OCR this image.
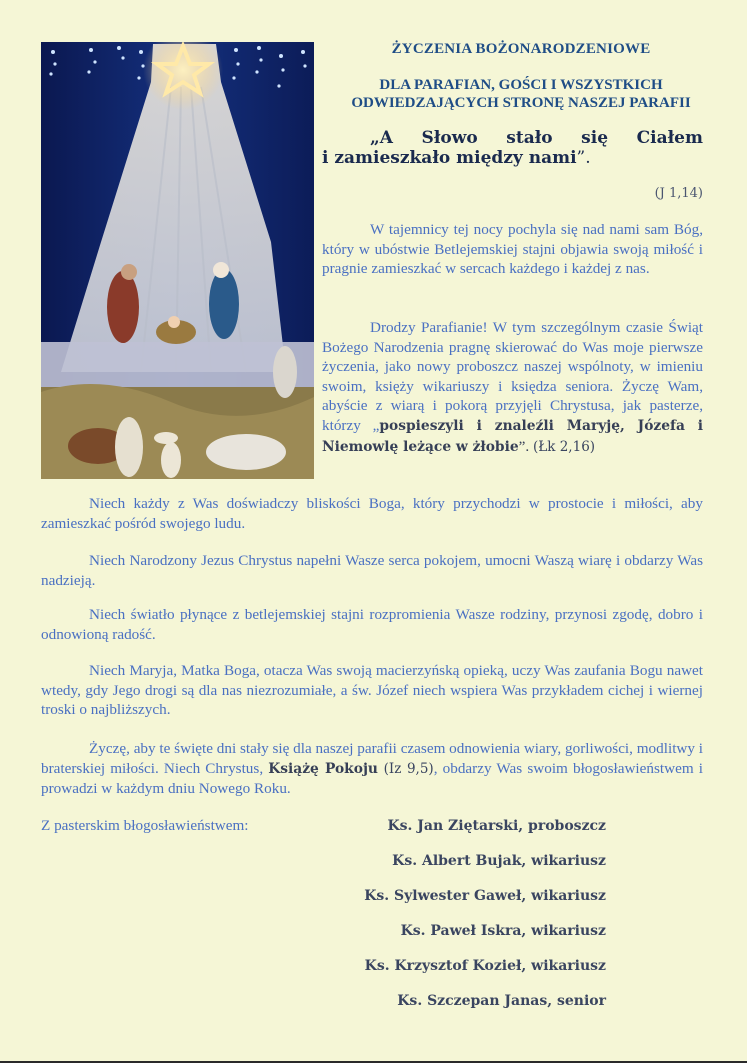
ŻYCZENIA BOŻONARODZENIOWE
DLA PARAFIAN, GOŚCI I WSZYSTKICH
ODWIEDZAJĄCYCH STRONĘ NASZEJ PARAFII
„A Słowo stało się Ciałem
i zamieszkało między nami”.
(J 1,14)

W tajemnicy tej nocy pochyla się nad nami sam Bóg, który w ubóstwie Betlejemskiej stajni objawia swoją miłość i pragnie zamieszkać w sercach każdego i każdej z nas.

Drodzy Parafianie! W tym szczególnym czasie Świąt Bożego Narodzenia pragnę skierować do Was moje pierwsze życzenia, jako nowy proboszcz naszej wspólnoty, w imieniu swoim, księży wikariuszy i księdza seniora. Życzę Wam, abyście z wiarą i pokorą przyjęli Chrystusa, jak pasterze, którzy „pospieszyli i znaleźli Maryję, Józefa i Niemowlę leżące w żłobie”. (Łk 2,16)

Niech każdy z Was doświadczy bliskości Boga, który przychodzi w prostocie i miłości, aby zamieszkać pośród swojego ludu.

Niech Narodzony Jezus Chrystus napełni Wasze serca pokojem, umocni Waszą wiarę i obdarzy Was nadzieją.

Niech światło płynące z betlejemskiej stajni rozpromienia Wasze rodziny, przynosi zgodę, dobro i odnowioną radość.

Niech Maryja, Matka Boga, otacza Was swoją macierzyńską opieką, uczy Was zaufania Bogu nawet wtedy, gdy Jego drogi są dla nas niezrozumiałe, a św. Józef niech wspiera Was przykładem cichej i wiernej troski o najbliższych.

Życzę, aby te święte dni stały się dla naszej parafii czasem odnowienia wiary, gorliwości, modlitwy i braterskiej miłości. Niech Chrystus, Książę Pokoju (Iz 9,5), obdarzy Was swoim błogosławieństwem i prowadzi w każdym dniu Nowego Roku.

Z pasterskim błogosławieństwem:	Ks. Jan Ziętarski, proboszcz
Ks. Albert Bujak, wikariusz
Ks. Sylwester Gaweł, wikariusz
Ks. Paweł Iskra, wikariusz
Ks. Krzysztof Kozieł, wikariusz
Ks. Szczepan Janas, senior
